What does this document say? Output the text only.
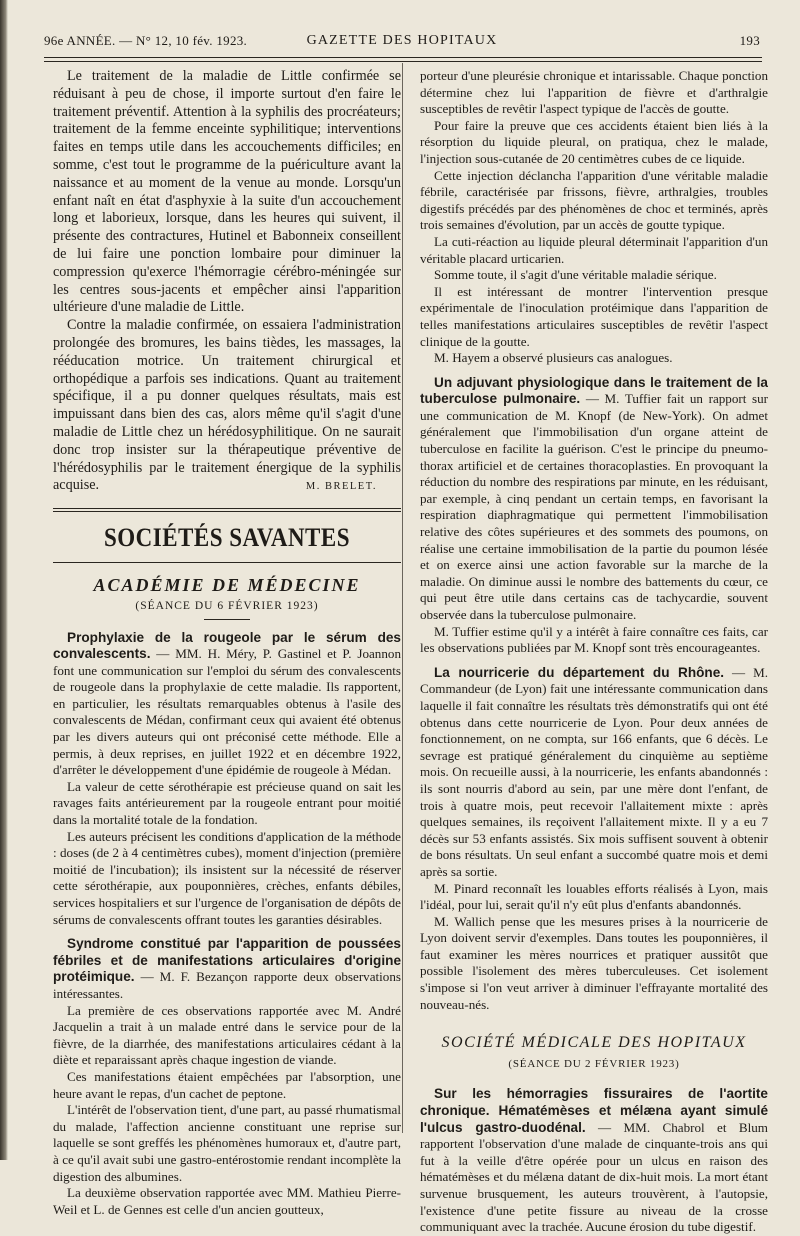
96e ANNÉE. — N° 12, 10 fév. 1923.	GAZETTE DES HOPITAUX	193

Le traitement de la maladie de Little confirmée se réduisant à peu de chose, il importe surtout d'en faire le traitement préventif. Attention à la syphilis des procréateurs; traitement de la femme enceinte syphilitique; interventions faites en temps utile dans les accouchements difficiles; en somme, c'est tout le programme de la puériculture avant la naissance et au moment de la venue au monde. Lorsqu'un enfant naît en état d'asphyxie à la suite d'un accouchement long et laborieux, lorsque, dans les heures qui suivent, il présente des contractures, Hutinel et Babonneix conseillent de lui faire une ponction lombaire pour diminuer la compression qu'exerce l'hémorragie cérébro-méningée sur les centres sous-jacents et empêcher ainsi l'apparition ultérieure d'une maladie de Little.

Contre la maladie confirmée, on essaiera l'administration prolongée des bromures, les bains tièdes, les massages, la rééducation motrice. Un traitement chirurgical et orthopédique a parfois ses indications. Quant au traitement spécifique, il a pu donner quelques résultats, mais est impuissant dans bien des cas, alors même qu'il s'agit d'une maladie de Little chez un hérédosyphilitique. On ne saurait donc trop insister sur la thérapeutique préventive de l'hérédosyphilis par le traitement énergique de la syphilis acquise.	M. BRELET.
SOCIÉTÉS SAVANTES
ACADÉMIE DE MÉDECINE
(SÉANCE DU 6 FÉVRIER 1923)

Prophylaxie de la rougeole par le sérum des convalescents. — MM. H. Méry, P. Gastinel et P. Joannon font une communication sur l'emploi du sérum des convalescents de rougeole dans la prophylaxie de cette maladie. Ils rapportent, en particulier, les résultats remarquables obtenus à l'asile des convalescents de Médan, confirmant ceux qui avaient été obtenus par les divers auteurs qui ont préconisé cette méthode. Elle a permis, à deux reprises, en juillet 1922 et en décembre 1922, d'arrêter le développement d'une épidémie de rougeole à Médan.

La valeur de cette sérothérapie est précieuse quand on sait les ravages faits antérieurement par la rougeole entrant pour moitié dans la mortalité totale de la fondation.

Les auteurs précisent les conditions d'application de la méthode : doses (de 2 à 4 centimètres cubes), moment d'injection (première moitié de l'incubation); ils insistent sur la nécessité de réserver cette sérothérapie, aux pouponnières, crèches, enfants débiles, services hospitaliers et sur l'urgence de l'organisation de dépôts de sérums de convalescents offrant toutes les garanties désirables.

Syndrome constitué par l'apparition de poussées fébriles et de manifestations articulaires d'origine protéimique. — M. F. Bezançon rapporte deux observations intéressantes.

La première de ces observations rapportée avec M. André Jacquelin a trait à un malade entré dans le service pour de la fièvre, de la diarrhée, des manifestations articulaires cédant à la diète et reparaissant après chaque ingestion de viande.

Ces manifestations étaient empêchées par l'absorption, une heure avant le repas, d'un cachet de peptone.

L'intérêt de l'observation tient, d'une part, au passé rhumatismal du malade, l'affection ancienne constituant une reprise sur laquelle se sont greffés les phénomènes humoraux et, d'autre part, à ce qu'il avait subi une gastro-entérostomie rendant incomplète la digestion des albumines.

La deuxième observation rapportée avec MM. Mathieu Pierre-Weil et L. de Gennes est celle d'un ancien goutteux,

porteur d'une pleurésie chronique et intarissable. Chaque ponction détermine chez lui l'apparition de fièvre et d'arthralgie susceptibles de revêtir l'aspect typique de l'accès de goutte.

Pour faire la preuve que ces accidents étaient bien liés à la résorption du liquide pleural, on pratiqua, chez le malade, l'injection sous-cutanée de 20 centimètres cubes de ce liquide.

Cette injection déclancha l'apparition d'une véritable maladie fébrile, caractérisée par frissons, fièvre, arthralgies, troubles digestifs précédés par des phénomènes de choc et terminés, après trois semaines d'évolution, par un accès de goutte typique.

La cuti-réaction au liquide pleural déterminait l'apparition d'un véritable placard urticarien.

Somme toute, il s'agit d'une véritable maladie sérique.

Il est intéressant de montrer l'intervention presque expérimentale de l'inoculation protéimique dans l'apparition de telles manifestations articulaires susceptibles de revêtir l'aspect clinique de la goutte.

M. Hayem a observé plusieurs cas analogues.

Un adjuvant physiologique dans le traitement de la tuberculose pulmonaire. — M. Tuffier fait un rapport sur une communication de M. Knopf (de New-York). On admet généralement que l'immobilisation d'un organe atteint de tuberculose en facilite la guérison. C'est le principe du pneumo-thorax artificiel et de certaines thoracoplasties. En provoquant la réduction du nombre des respirations par minute, en les réduisant, par exemple, à cinq pendant un certain temps, en favorisant la respiration diaphragmatique qui permettent l'immobilisation relative des côtes supérieures et des sommets des poumons, on réalise une certaine immobilisation de la partie du poumon lésée et on exerce ainsi une action favorable sur la marche de la maladie. On diminue aussi le nombre des battements du cœur, ce qui peut être utile dans certains cas de tachycardie, souvent observée dans la tuberculose pulmonaire.

M. Tuffier estime qu'il y a intérêt à faire connaître ces faits, car les observations publiées par M. Knopf sont très encourageantes.

La nourricerie du département du Rhône. — M. Commandeur (de Lyon) fait une intéressante communication dans laquelle il fait connaître les résultats très démonstratifs qui ont été obtenus dans cette nourricerie de Lyon. Pour deux années de fonctionnement, on ne compta, sur 166 enfants, que 6 décès. Le sevrage est pratiqué généralement du cinquième au septième mois. On recueille aussi, à la nourricerie, les enfants abandonnés : ils sont nourris d'abord au sein, par une mère dont l'enfant, de trois à quatre mois, peut recevoir l'allaitement mixte : après quelques semaines, ils reçoivent l'allaitement mixte. Il y a eu 7 décès sur 53 enfants assistés. Six mois suffisent souvent à obtenir de bons résultats. Un seul enfant a succombé quatre mois et demi après sa sortie.

M. Pinard reconnaît les louables efforts réalisés à Lyon, mais l'idéal, pour lui, serait qu'il n'y eût plus d'enfants abandonnés.

M. Wallich pense que les mesures prises à la nourricerie de Lyon doivent servir d'exemples. Dans toutes les pouponnières, il faut examiner les mères nourrices et pratiquer aussitôt que possible l'isolement des mères tuberculeuses. Cet isolement s'impose si l'on veut arriver à diminuer l'effrayante mortalité des nouveau-nés.

SOCIÉTÉ MÉDICALE DES HOPITAUX
(SÉANCE DU 2 FÉVRIER 1923)

Sur les hémorragies fissuraires de l'aortite chronique. Hématémèses et mélæna ayant simulé l'ulcus gastro-duodénal. — MM. Chabrol et Blum rapportent l'observation d'une malade de cinquante-trois ans qui fut à la veille d'être opérée pour un ulcus en raison des hématémèses et du mélæna datant de dix-huit mois. La mort étant survenue brusquement, les auteurs trouvèrent, à l'autopsie, l'existence d'une petite fissure au niveau de la crosse communiquant avec la trachée. Aucune érosion du tube digestif.
